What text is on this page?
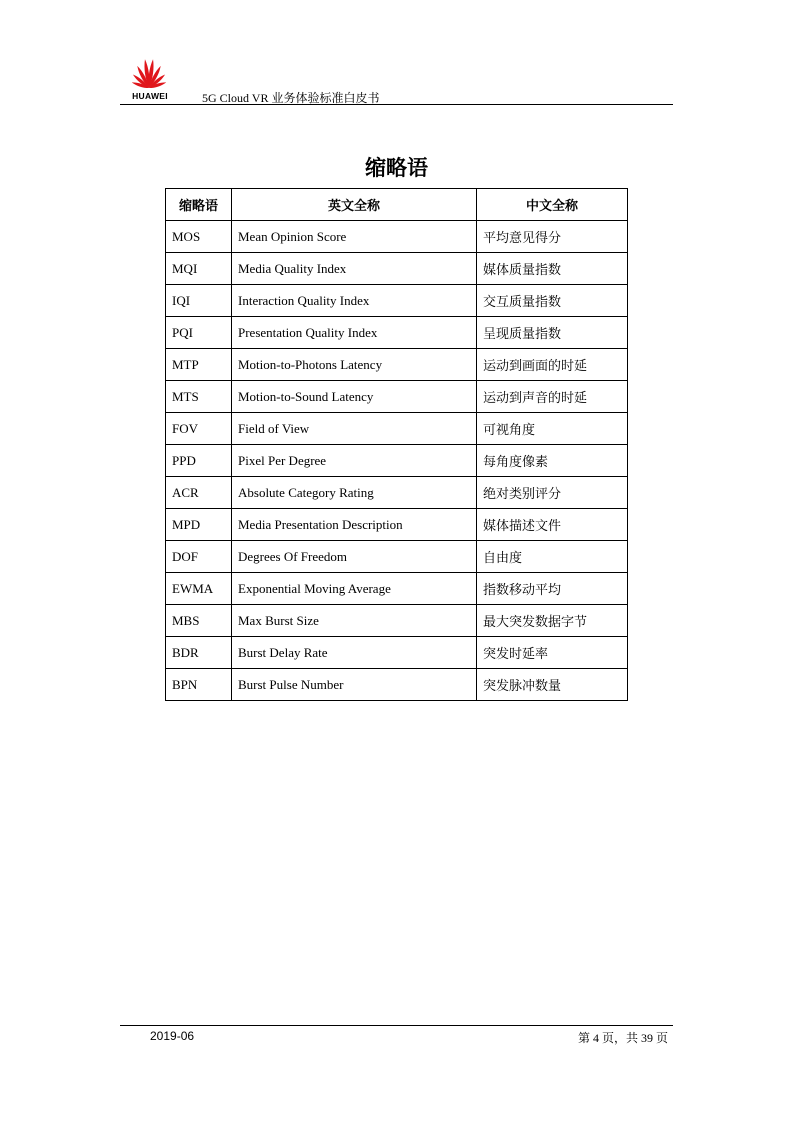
HUAWEI	5G Cloud VR 业务体验标准白皮书
缩略语
缩略语	英文全称	中文全称
MOS	Mean Opinion Score	平均意见得分
MQI	Media Quality Index	媒体质量指数
IQI	Interaction Quality Index	交互质量指数
PQI	Presentation Quality Index	呈现质量指数
MTP	Motion-to-Photons Latency	运动到画面的时延
MTS	Motion-to-Sound Latency	运动到声音的时延
FOV	Field of View	可视角度
PPD	Pixel Per Degree	每角度像素
ACR	Absolute Category Rating	绝对类别评分
MPD	Media Presentation Description	媒体描述文件
DOF	Degrees Of Freedom	自由度
EWMA	Exponential Moving Average	指数移动平均
MBS	Max Burst Size	最大突发数据字节
BDR	Burst Delay Rate	突发时延率
BPN	Burst Pulse Number	突发脉冲数量
2019-06	第 4 页，共 39 页
